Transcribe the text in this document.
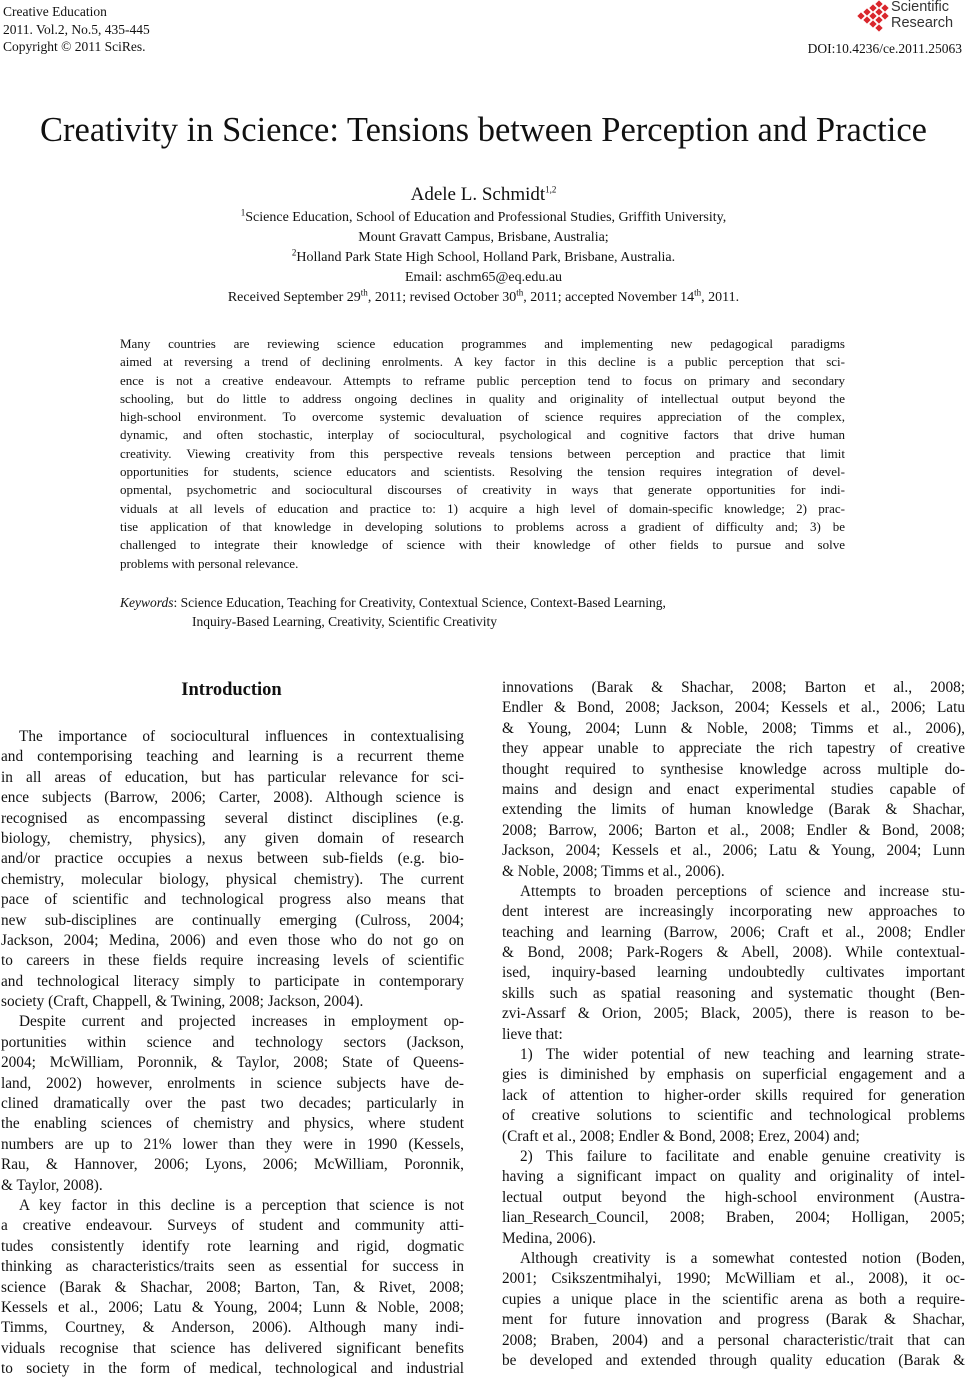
Creative Education
2011. Vol.2, No.5, 435-445
Copyright © 2011 SciRes.
Scientific
Research
DOI:10.4236/ce.2011.25063
Creativity in Science: Tensions between Perception and Practice
Adele L. Schmidt$^{1,2}$
$^1$Science Education, School of Education and Professional Studies, Griffith University,
Mount Gravatt Campus, Brisbane, Australia;
$^2$Holland Park State High School, Holland Park, Brisbane, Australia.
Email: aschm65@eq.edu.au
Received September 29th, 2011; revised October 30th, 2011; accepted November 14th, 2011.
Many countries are reviewing science education programmes and implementing new pedagogical paradigms
aimed at reversing a trend of declining enrolments. A key factor in this decline is a public perception that sci-
ence is not a creative endeavour. Attempts to reframe public perception tend to focus on primary and secondary
schooling, but do little to address ongoing declines in quality and originality of intellectual output beyond the
high-school environment. To overcome systemic devaluation of science requires appreciation of the complex,
dynamic, and often stochastic, interplay of sociocultural, psychological and cognitive factors that drive human
creativity. Viewing creativity from this perspective reveals tensions between perception and practice that limit
opportunities for students, science educators and scientists. Resolving the tension requires integration of devel-
opmental, psychometric and sociocultural discourses of creativity in ways that generate opportunities for indi-
viduals at all levels of education and practice to: 1) acquire a high level of domain-specific knowledge; 2) prac-
tise application of that knowledge in developing solutions to problems across a gradient of difficulty and; 3) be
challenged to integrate their knowledge of science with their knowledge of other fields to pursue and solve
problems with personal relevance.
Keywords: Science Education, Teaching for Creativity, Contextual Science, Context-Based Learning,
Inquiry-Based Learning, Creativity, Scientific Creativity
Introduction
The importance of sociocultural influences in contextualising
and contemporising teaching and learning is a recurrent theme
in all areas of education, but has particular relevance for sci-
ence subjects (Barrow, 2006; Carter, 2008). Although science is
recognised as encompassing several distinct disciplines (e.g.
biology, chemistry, physics), any given domain of research
and/or practice occupies a nexus between sub-fields (e.g. bio-
chemistry, molecular biology, physical chemistry). The current
pace of scientific and technological progress also means that
new sub-disciplines are continually emerging (Culross, 2004;
Jackson, 2004; Medina, 2006) and even those who do not go on
to careers in these fields require increasing levels of scientific
and technological literacy simply to participate in contemporary
society (Craft, Chappell, & Twining, 2008; Jackson, 2004).
Despite current and projected increases in employment op-
portunities within science and technology sectors (Jackson,
2004; McWilliam, Poronnik, & Taylor, 2008; State of Queens-
land, 2002) however, enrolments in science subjects have de-
clined dramatically over the past two decades; particularly in
the enabling sciences of chemistry and physics, where student
numbers are up to 21% lower than they were in 1990 (Kessels,
Rau, & Hannover, 2006; Lyons, 2006; McWilliam, Poronnik,
& Taylor, 2008).
A key factor in this decline is a perception that science is not
a creative endeavour. Surveys of student and community atti-
tudes consistently identify rote learning and rigid, dogmatic
thinking as characteristics/traits seen as essential for success in
science (Barak & Shachar, 2008; Barton, Tan, & Rivet, 2008;
Kessels et al., 2006; Latu & Young, 2004; Lunn & Noble, 2008;
Timms, Courtney, & Anderson, 2006). Although many indi-
viduals recognise that science has delivered significant benefits
to society in the form of medical, technological and industrial
innovations (Barak & Shachar, 2008; Barton et al., 2008;
Endler & Bond, 2008; Jackson, 2004; Kessels et al., 2006; Latu
& Young, 2004; Lunn & Noble, 2008; Timms et al., 2006),
they appear unable to appreciate the rich tapestry of creative
thought required to synthesise knowledge across multiple do-
mains and design and enact experimental studies capable of
extending the limits of human knowledge (Barak & Shachar,
2008; Barrow, 2006; Barton et al., 2008; Endler & Bond, 2008;
Jackson, 2004; Kessels et al., 2006; Latu & Young, 2004; Lunn
& Noble, 2008; Timms et al., 2006).
Attempts to broaden perceptions of science and increase stu-
dent interest are increasingly incorporating new approaches to
teaching and learning (Barrow, 2006; Craft et al., 2008; Endler
& Bond, 2008; Park-Rogers & Abell, 2008). While contextual-
ised, inquiry-based learning undoubtedly cultivates important
skills such as spatial reasoning and systematic thought (Ben-
zvi-Assarf & Orion, 2005; Black, 2005), there is reason to be-
lieve that:
1) The wider potential of new teaching and learning strate-
gies is diminished by emphasis on superficial engagement and a
lack of attention to higher-order skills required for generation
of creative solutions to scientific and technological problems
(Craft et al., 2008; Endler & Bond, 2008; Erez, 2004) and;
2) This failure to facilitate and enable genuine creativity is
having a significant impact on quality and originality of intel-
lectual output beyond the high-school environment (Austra-
lian_Research_Council, 2008; Braben, 2004; Holligan, 2005;
Medina, 2006).
Although creativity is a somewhat contested notion (Boden,
2001; Csikszentmihalyi, 1990; McWilliam et al., 2008), it oc-
cupies a unique place in the scientific arena as both a require-
ment for future innovation and progress (Barak & Shachar,
2008; Braben, 2004) and a personal characteristic/trait that can
be developed and extended through quality education (Barak &
